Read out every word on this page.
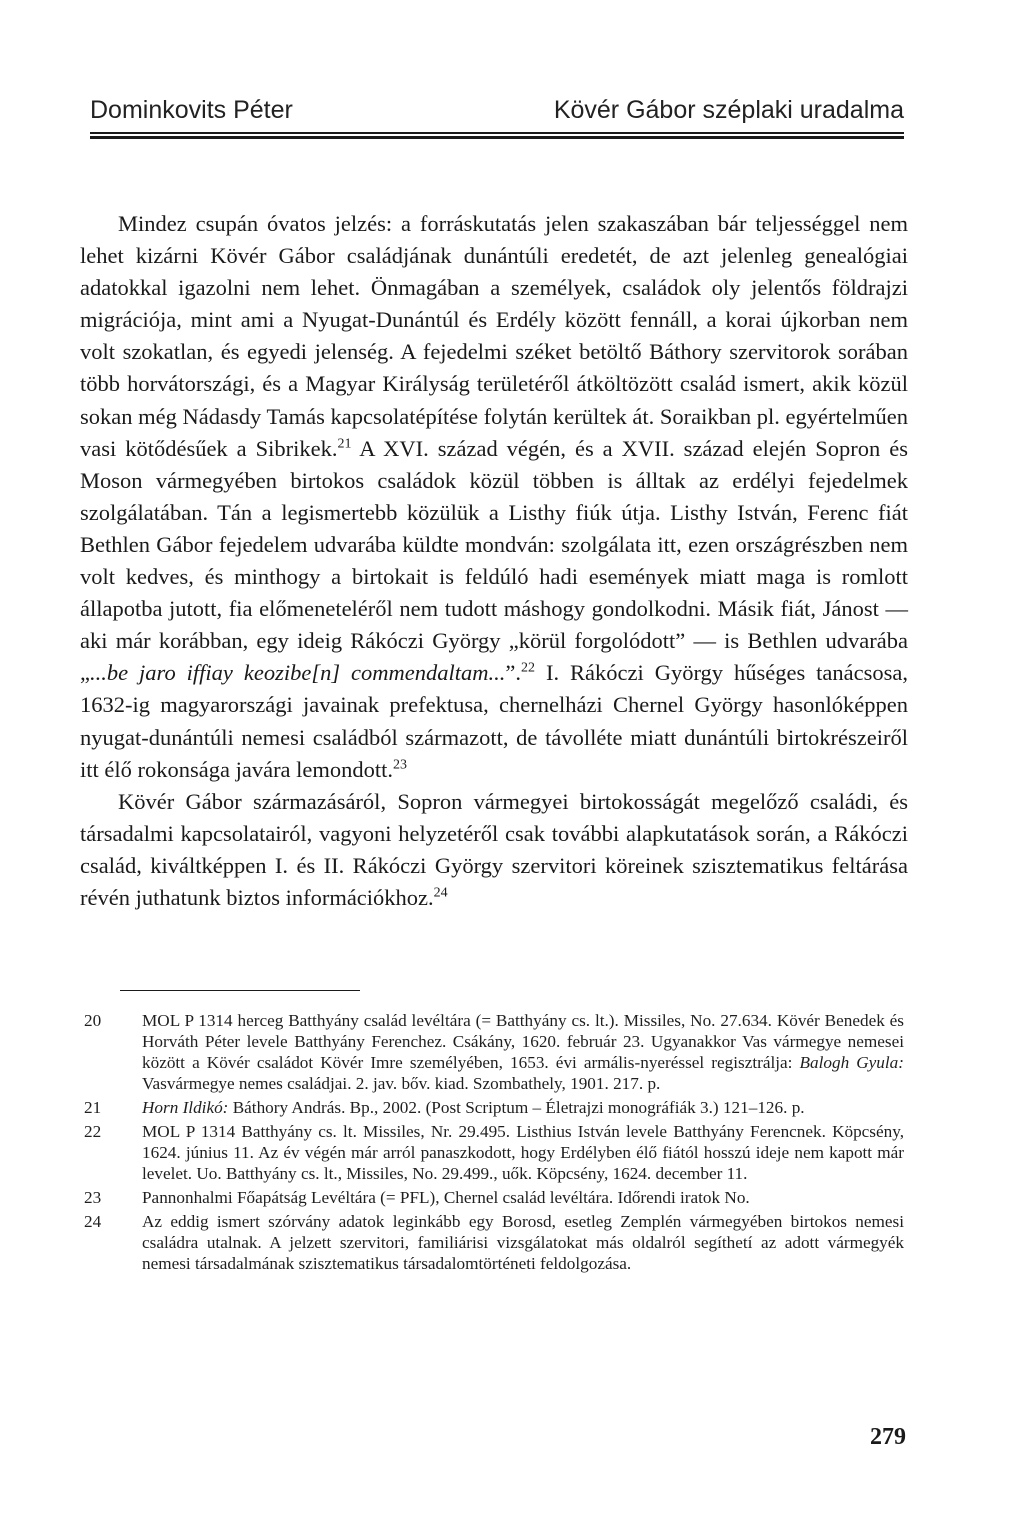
Dominkovits Péter	Kövér Gábor széplaki uradalma

Mindez csupán óvatos jelzés: a forráskutatás jelen szakaszában bár teljességgel nem lehet kizárni Kövér Gábor családjának dunántúli eredetét, de azt jelenleg genealógiai adatokkal igazolni nem lehet. Önmagában a személyek, családok oly jelentős földrajzi migrációja, mint ami a Nyugat-Dunántúl és Erdély között fennáll, a korai újkorban nem volt szokatlan, és egyedi jelenség. A fejedelmi széket betöltő Báthory szervitorok sorában több horvátországi, és a Magyar Királyság területéről átköltözött család ismert, akik közül sokan még Nádasdy Tamás kapcsolatépítése folytán kerültek át. Soraikban pl. egyértelműen vasi kötődésűek a Sibrikek.$^{21}$ A XVI. század végén, és a XVII. század elején Sopron és Moson vármegyében birtokos családok közül többen is álltak az erdélyi fejedelmek szolgálatában. Tán a legismertebb közülük a Listhy fiúk útja. Listhy István, Ferenc fiát Bethlen Gábor fejedelem udvarába küldte mondván: szolgálata itt, ezen országrészben nem volt kedves, és minthogy a birtokait is feldúló hadi események miatt maga is romlott állapotba jutott, fia előmeneteléről nem tudott máshogy gondolkodni. Másik fiát, Jánost — aki már korábban, egy ideig Rákóczi György „körül forgolódott” — is Bethlen udvarába „...be jaro iffiay keozibe[n] commendaltam...”.$^{22}$ I. Rákóczi György hűséges tanácsosa, 1632-ig magyarországi javainak prefektusa, chernelházi Chernel György hasonlóképpen nyugat-dunántúli nemesi családból származott, de távolléte miatt dunántúli birtokrészeiről itt élő rokonsága javára lemondott.$^{23}$

Kövér Gábor származásáról, Sopron vármegyei birtokosságát megelőző családi, és társadalmi kapcsolatairól, vagyoni helyzetéről csak további alapkutatások során, a Rákóczi család, kiváltképpen I. és II. Rákóczi György szervitori köreinek szisztematikus feltárása révén juthatunk biztos információkhoz.$^{24}$

20 MOL P 1314 herceg Batthyány család levéltára (= Batthyány cs. lt.). Missiles, No. 27.634. Kövér Benedek és Horváth Péter levele Batthyány Ferenchez. Csákány, 1620. február 23. Ugyanakkor Vas vármegye nemesei között a Kövér családot Kövér Imre személyében, 1653. évi armális-nyeréssel regisztrálja: Balogh Gyula: Vasvármegye nemes családjai. 2. jav. bőv. kiad. Szombathely, 1901. 217. p.
21 Horn Ildikó: Báthory András. Bp., 2002. (Post Scriptum – Életrajzi monográfiák 3.) 121–126. p.
22 MOL P 1314 Batthyány cs. lt. Missiles, Nr. 29.495. Listhius István levele Batthyány Ferencnek. Köpcsény, 1624. június 11. Az év végén már arról panaszkodott, hogy Erdélyben élő fiától hosszú ideje nem kapott már levelet. Uo. Batthyány cs. lt., Missiles, No. 29.499., uők. Köpcsény, 1624. december 11.
23 Pannonhalmi Főapátság Levéltára (= PFL), Chernel család levéltára. Időrendi iratok No.
24 Az eddig ismert szórvány adatok leginkább egy Borosd, esetleg Zemplén vármegyében birtokos nemesi családra utalnak. A jelzett szervitori, familiárisi vizsgálatokat más oldalról segíthetí az adott vármegyék nemesi társadalmának szisztematikus társadalomtörténeti feldolgozása.
279
